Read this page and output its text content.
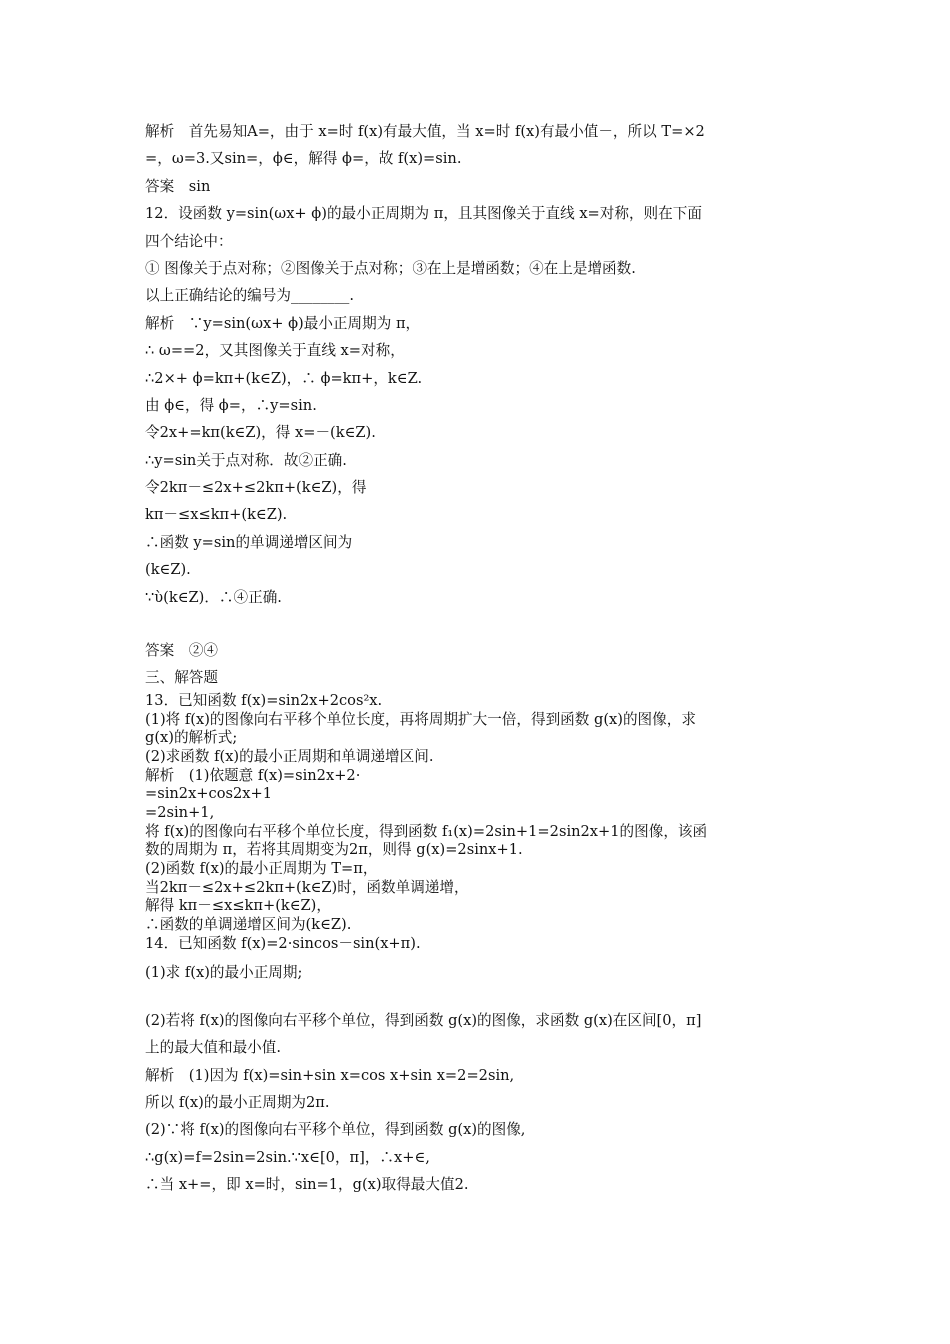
解析　首先易知A=，由于 x=时 f(x)有最大值，当 x=时 f(x)有最小值－，所以 T=×2
=，ω=3.又sin=，ϕ∈，解得 ϕ=，故 f(x)=sin.
答案　sin
12．设函数 y=sin(ωx+ ϕ)的最小正周期为 π，且其图像关于直线 x=对称，则在下面
四个结论中：
① 图像关于点对称；②图像关于点对称；③在上是增函数；④在上是增函数.
以上正确结论的编号为________.
解析　∵y=sin(ωx+ ϕ)最小正周期为 π，
∴ ω==2，又其图像关于直线 x=对称，
∴2×+ ϕ=kπ+(k∈Z)，∴ ϕ=kπ+，k∈Z.
由 ϕ∈，得 ϕ=，∴y=sin.
令2x+=kπ(k∈Z)，得 x=－(k∈Z).
∴y=sin关于点对称．故②正确.
令2kπ－≤2x+≤2kπ+(k∈Z)，得
kπ－≤x≤kπ+(k∈Z).
∴函数 y=sin的单调递增区间为
(k∈Z).
∵ὺ(k∈Z)．∴④正确.
答案　②④
三、解答题
13．已知函数 f(x)=sin2x+2cos²x.
(1)将 f(x)的图像向右平移个单位长度，再将周期扩大一倍，得到函数 g(x)的图像，求
g(x)的解析式;
(2)求函数 f(x)的最小正周期和单调递增区间.
解析　(1)依题意 f(x)=sin2x+2·
=sin2x+cos2x+1
=2sin+1,
将 f(x)的图像向右平移个单位长度，得到函数 f₁(x)=2sin+1=2sin2x+1的图像，该函
数的周期为 π，若将其周期变为2π，则得 g(x)=2sinx+1.
(2)函数 f(x)的最小正周期为 T=π，
当2kπ－≤2x+≤2kπ+(k∈Z)时，函数单调递增，
解得 kπ－≤x≤kπ+(k∈Z)，
∴函数的单调递增区间为(k∈Z).
14．已知函数 f(x)=2·sincos－sin(x+π).
(1)求 f(x)的最小正周期;
(2)若将 f(x)的图像向右平移个单位，得到函数 g(x)的图像，求函数 g(x)在区间[0，π]
上的最大值和最小值.
解析　(1)因为 f(x)=sin+sin x=cos x+sin x=2=2sin,
所以 f(x)的最小正周期为2π.
(2)∵将 f(x)的图像向右平移个单位，得到函数 g(x)的图像,
∴g(x)=f=2sin=2sin.∵x∈[0，π]，∴x+∈,
∴当 x+=，即 x=时，sin=1，g(x)取得最大值2.
